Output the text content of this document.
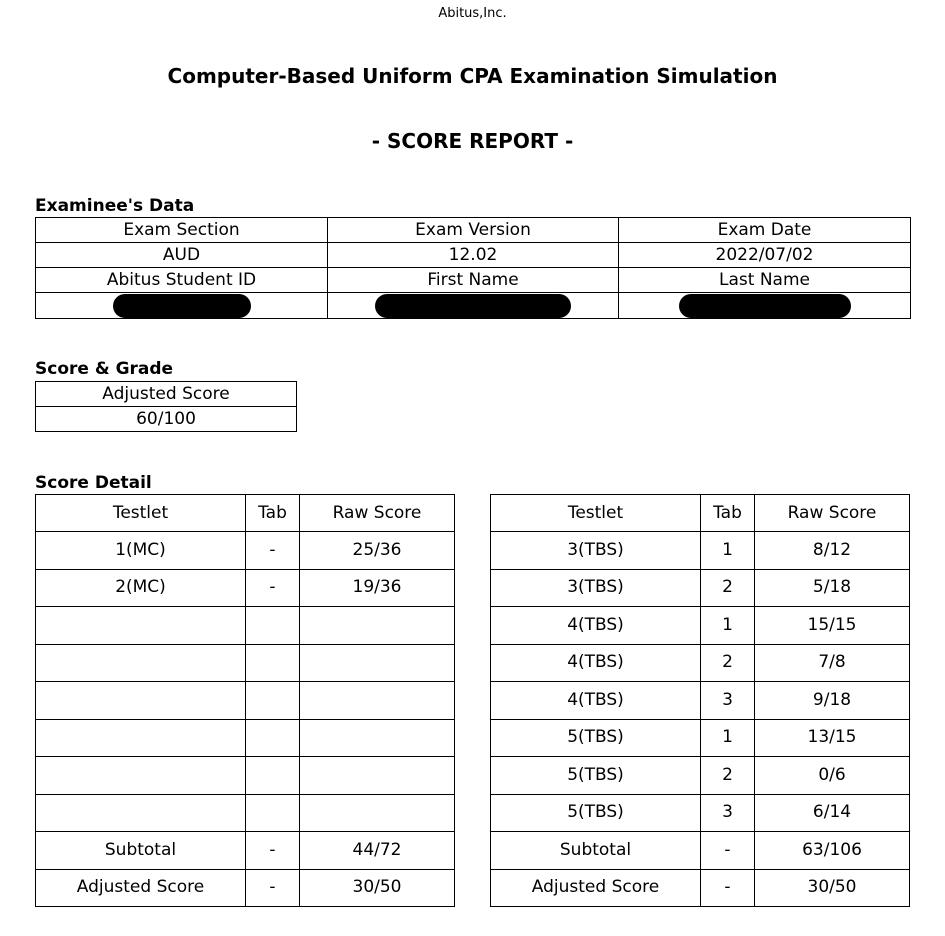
Abitus,Inc.
Computer-Based Uniform CPA Examination Simulation
- SCORE REPORT -
Examinee's Data
Exam Section	Exam Version	Exam Date
AUD	12.02	2022/07/02
Abitus Student ID	First Name	Last Name

Score & Grade
Adjusted Score
60/100
Score Detail
Testlet	Tab	Raw Score
1(MC)	-	25/36
2(MC)	-	19/36

Subtotal	-	44/72
Adjusted Score	-	30/50
Testlet	Tab	Raw Score
3(TBS)	1	8/12
3(TBS)	2	5/18
4(TBS)	1	15/15
4(TBS)	2	7/8
4(TBS)	3	9/18
5(TBS)	1	13/15
5(TBS)	2	0/6
5(TBS)	3	6/14
Subtotal	-	63/106
Adjusted Score	-	30/50
